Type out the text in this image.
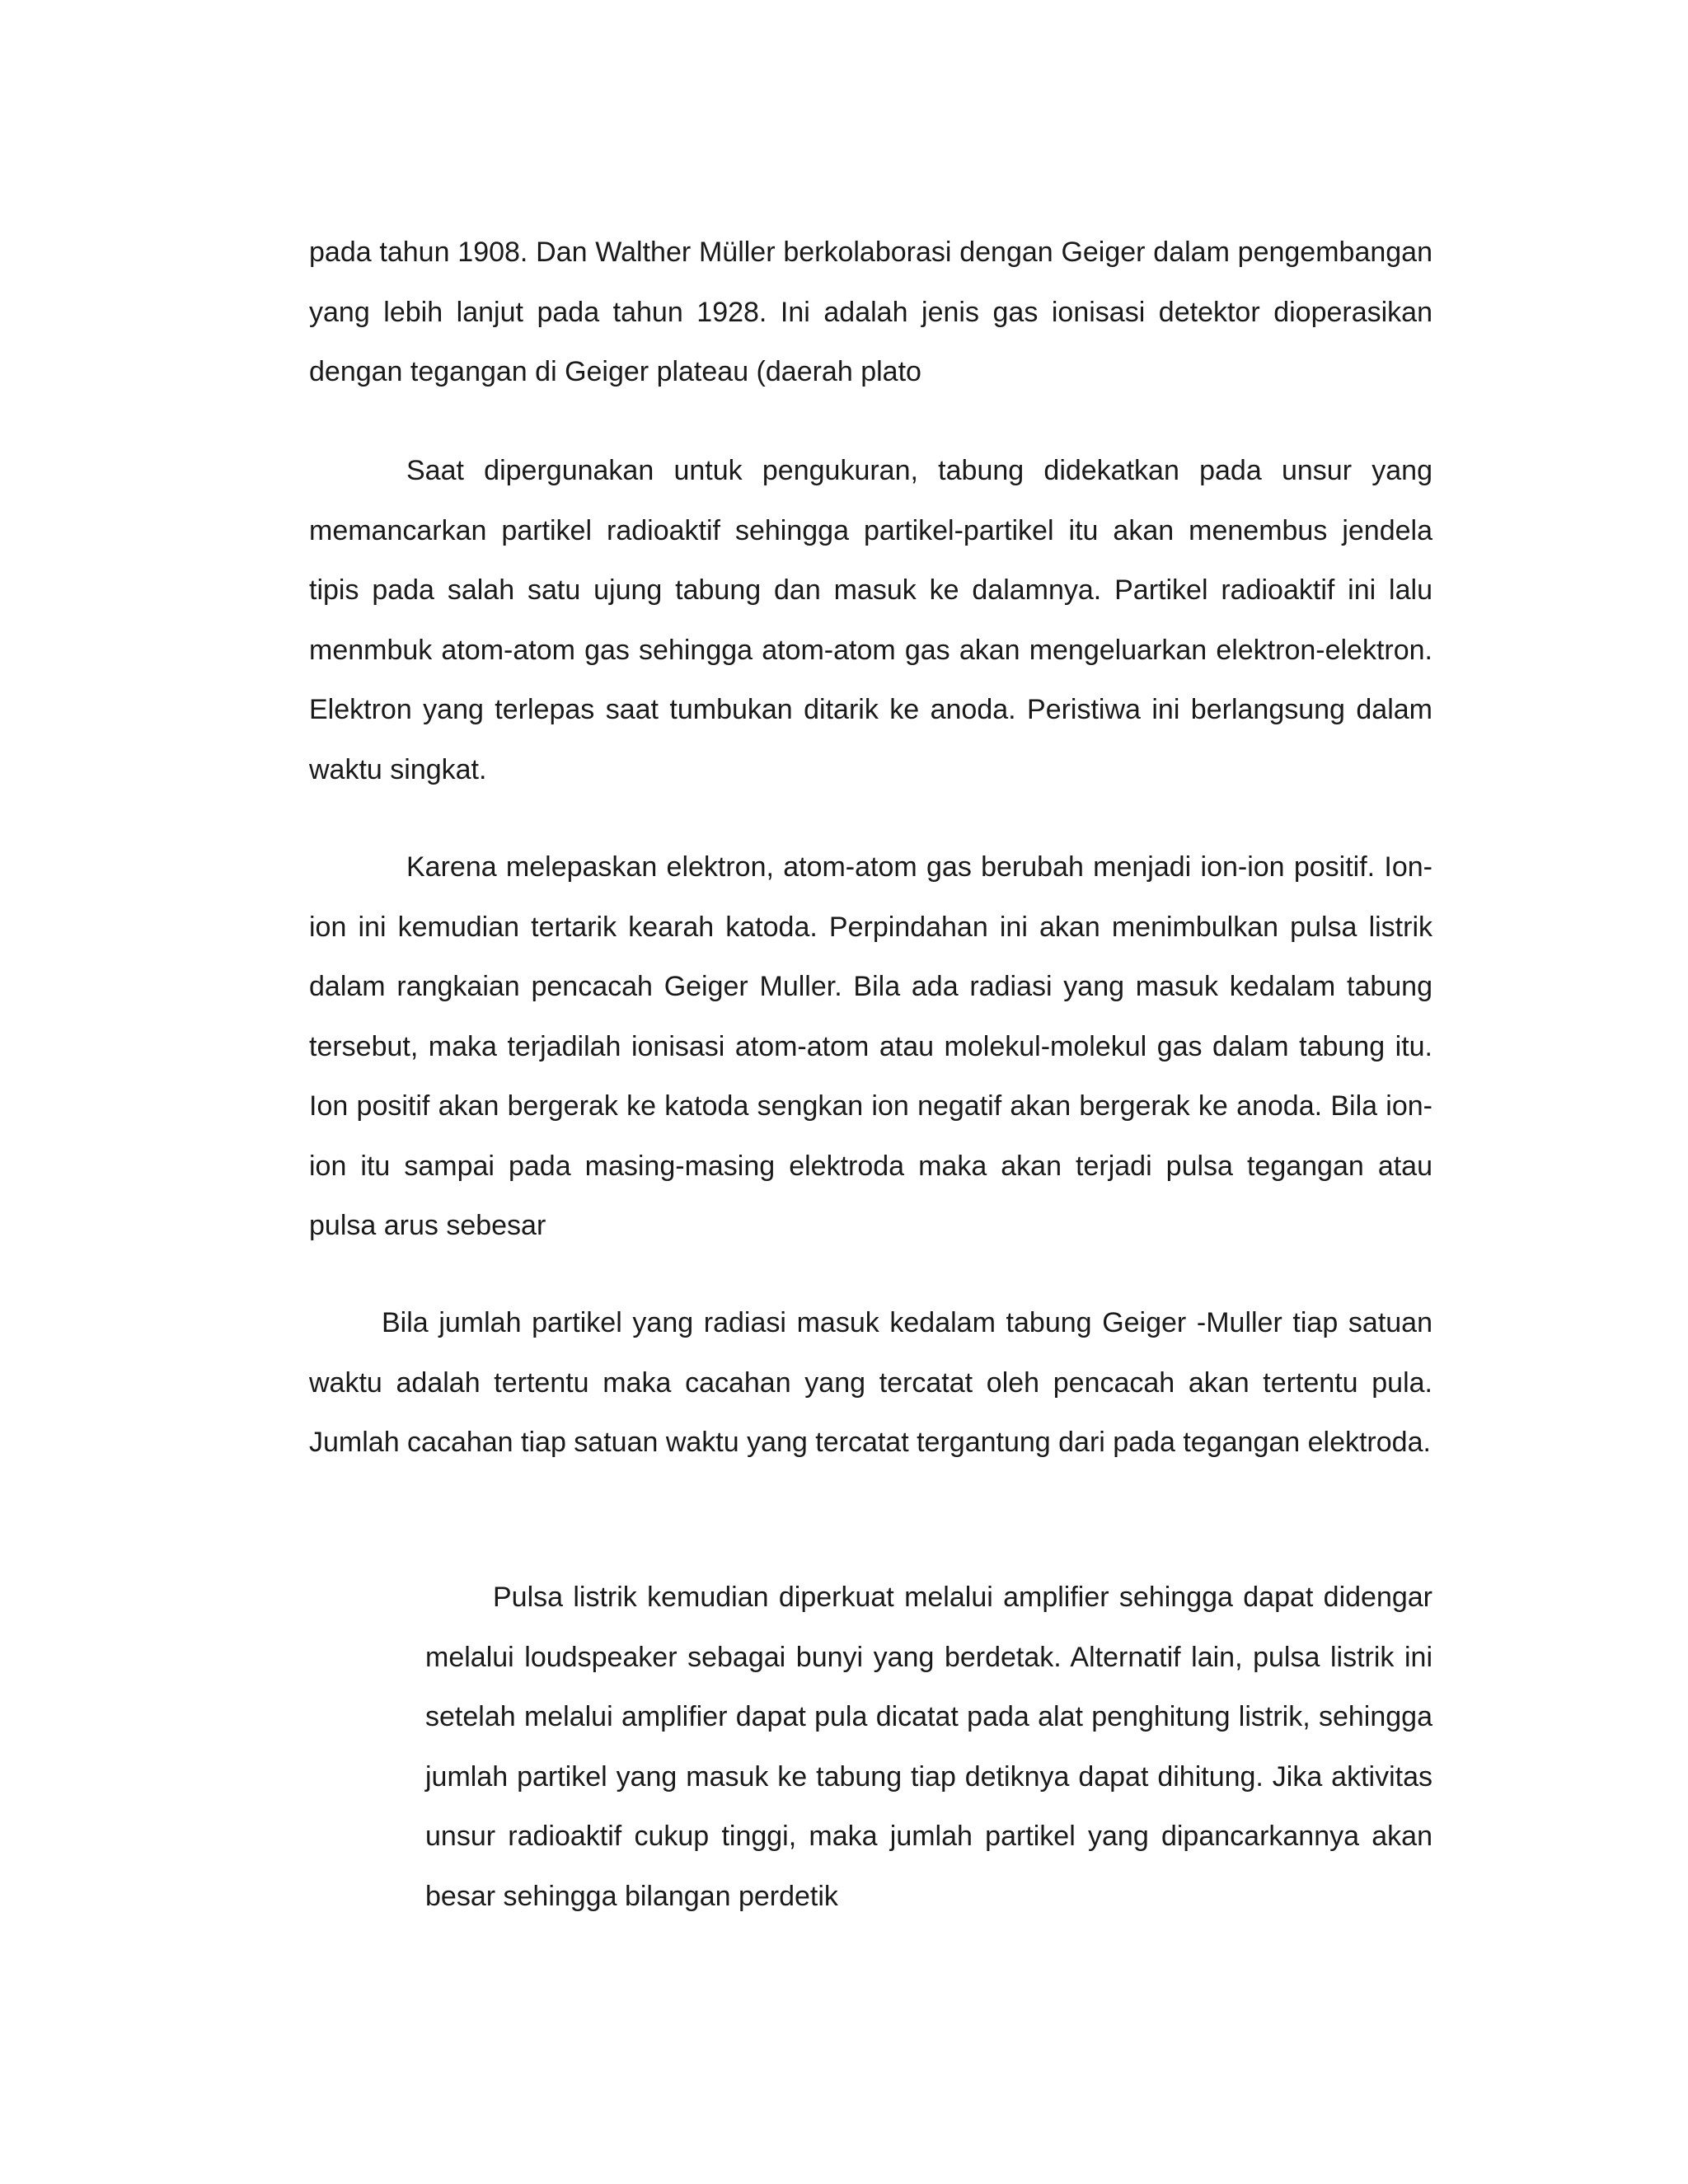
pada tahun 1908. Dan Walther Müller berkolaborasi dengan Geiger dalam pengembangan yang lebih lanjut pada tahun 1928. Ini adalah jenis gas ionisasi detektor dioperasikan dengan tegangan di Geiger plateau (daerah plato

Saat dipergunakan untuk pengukuran, tabung didekatkan pada unsur yang memancarkan partikel radioaktif sehingga partikel-partikel itu akan menembus jendela tipis pada salah satu ujung tabung dan masuk ke dalamnya. Partikel radioaktif ini lalu menmbuk atom-atom gas sehingga atom-atom gas akan mengeluarkan elektron-elektron. Elektron yang terlepas saat tumbukan ditarik ke anoda. Peristiwa ini berlangsung dalam waktu singkat.

Karena melepaskan elektron, atom-atom gas berubah menjadi ion-ion positif. Ion-ion ini kemudian tertarik kearah katoda. Perpindahan ini akan menimbulkan pulsa listrik dalam rangkaian pencacah Geiger Muller. Bila ada radiasi yang masuk kedalam tabung tersebut, maka terjadilah ionisasi atom-atom atau molekul-molekul gas dalam tabung itu. Ion positif akan bergerak ke katoda sengkan ion negatif akan bergerak ke anoda. Bila ion-ion itu sampai pada masing-masing elektroda maka akan terjadi pulsa tegangan atau pulsa arus sebesar

Bila jumlah partikel yang radiasi masuk kedalam tabung Geiger -Muller tiap satuan waktu adalah tertentu maka cacahan yang tercatat oleh pencacah akan tertentu pula. Jumlah cacahan tiap satuan waktu yang tercatat tergantung dari pada tegangan elektroda.

Pulsa listrik kemudian diperkuat melalui amplifier sehingga dapat didengar melalui loudspeaker sebagai bunyi yang berdetak. Alternatif lain, pulsa listrik ini setelah melalui amplifier dapat pula dicatat pada alat penghitung listrik, sehingga jumlah partikel yang masuk ke tabung tiap detiknya dapat dihitung. Jika aktivitas unsur radioaktif cukup tinggi, maka jumlah partikel yang dipancarkannya akan besar sehingga bilangan perdetik
